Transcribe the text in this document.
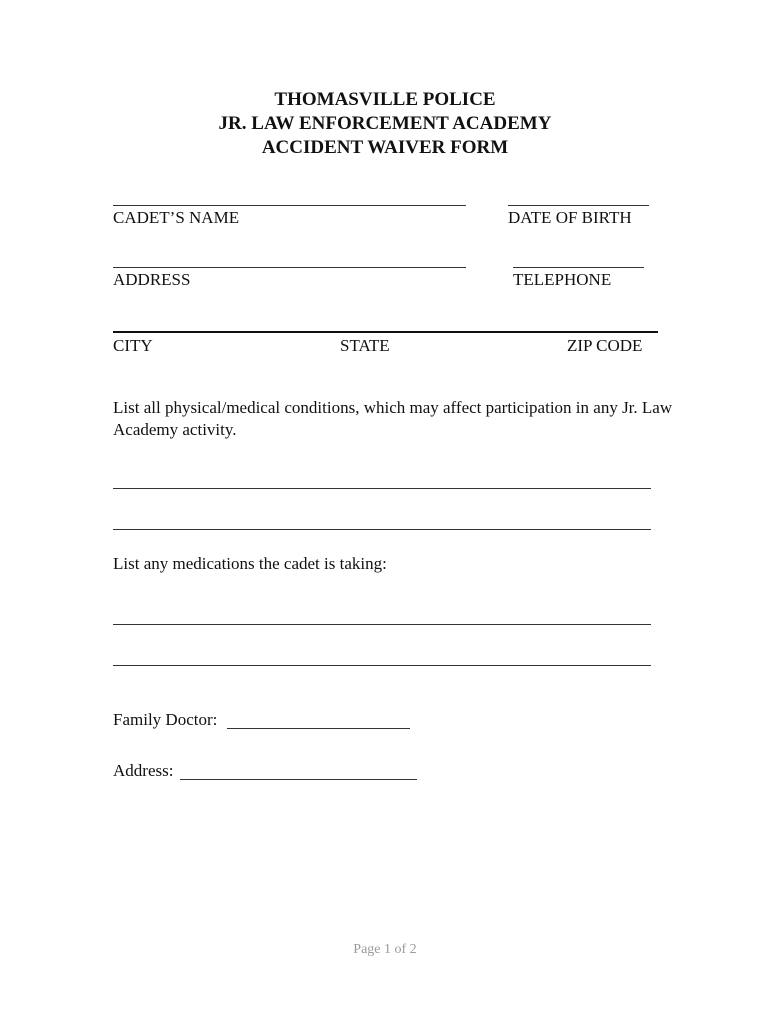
THOMASVILLE POLICE
JR. LAW ENFORCEMENT ACADEMY
ACCIDENT WAIVER FORM
CADET’S NAME	DATE OF BIRTH
ADDRESS	TELEPHONE
CITY	STATE	ZIP CODE
List all physical/medical conditions, which may affect participation in any Jr. Law Academy activity.
List any medications the cadet is taking:
Family Doctor:
Address:
Page 1 of 2
